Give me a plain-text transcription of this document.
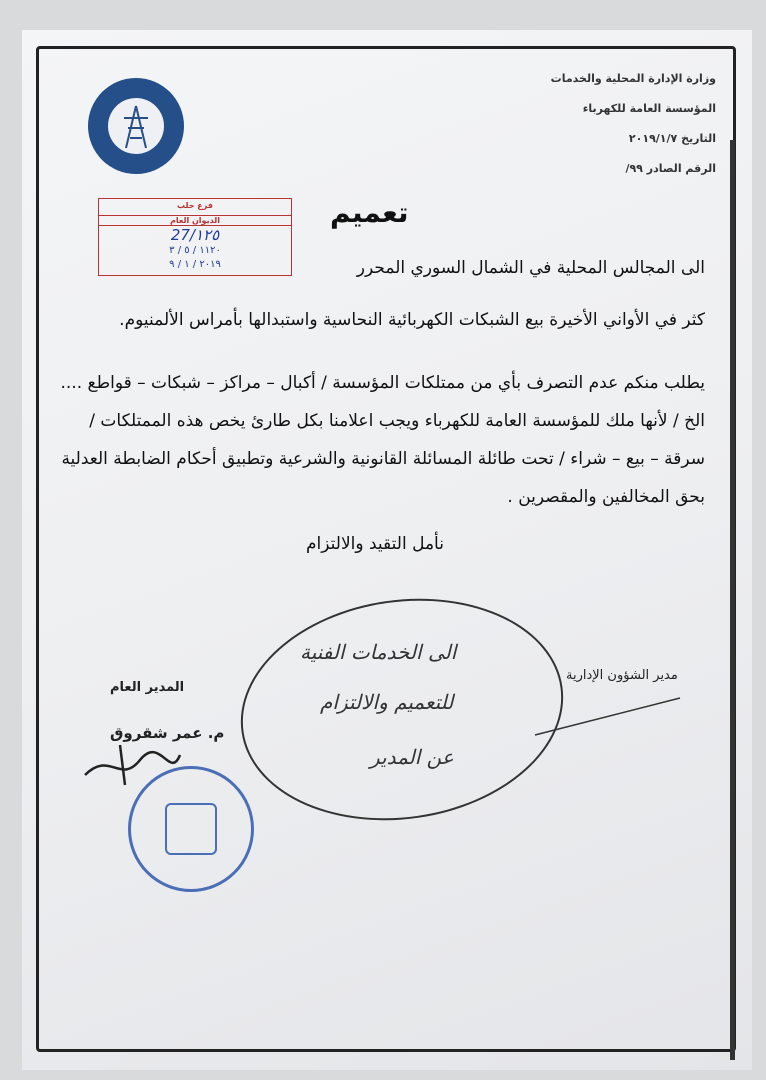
وزارة الإدارة المحلية والخدمات
المؤسسة العامة للكهرباء
التاريخ ٢٠١٩/١/٧
الرقم الصادر ٩٩/
فرع حلب
الديوان العام
27/١٢٥
١١٢٠ / ٥ / ٣
٢٠١٩ / ١ / ٩
تعميم
الى المجالس المحلية في الشمال السوري المحرر
كثر في الأواني الأخيرة بيع الشبكات الكهربائية النحاسية واستبدالها بأمراس الألمنيوم.
يطلب منكم عدم التصرف بأي من ممتلكات المؤسسة / أكبال – مراكز – شبكات – قواطع .... الخ / لأنها ملك للمؤسسة العامة للكهرباء ويجب اعلامنا بكل طارئ يخص هذه الممتلكات / سرقة – بيع – شراء / تحت طائلة المسائلة القانونية والشرعية وتطبيق أحكام الضابطة العدلية بحق المخالفين والمقصرين .
نأمل التقيد والالتزام
مدير الشؤون الإدارية
المدير العام
م. عمر شقروق
الى الخدمات الفنية
للتعميم والالتزام
عن المدير
